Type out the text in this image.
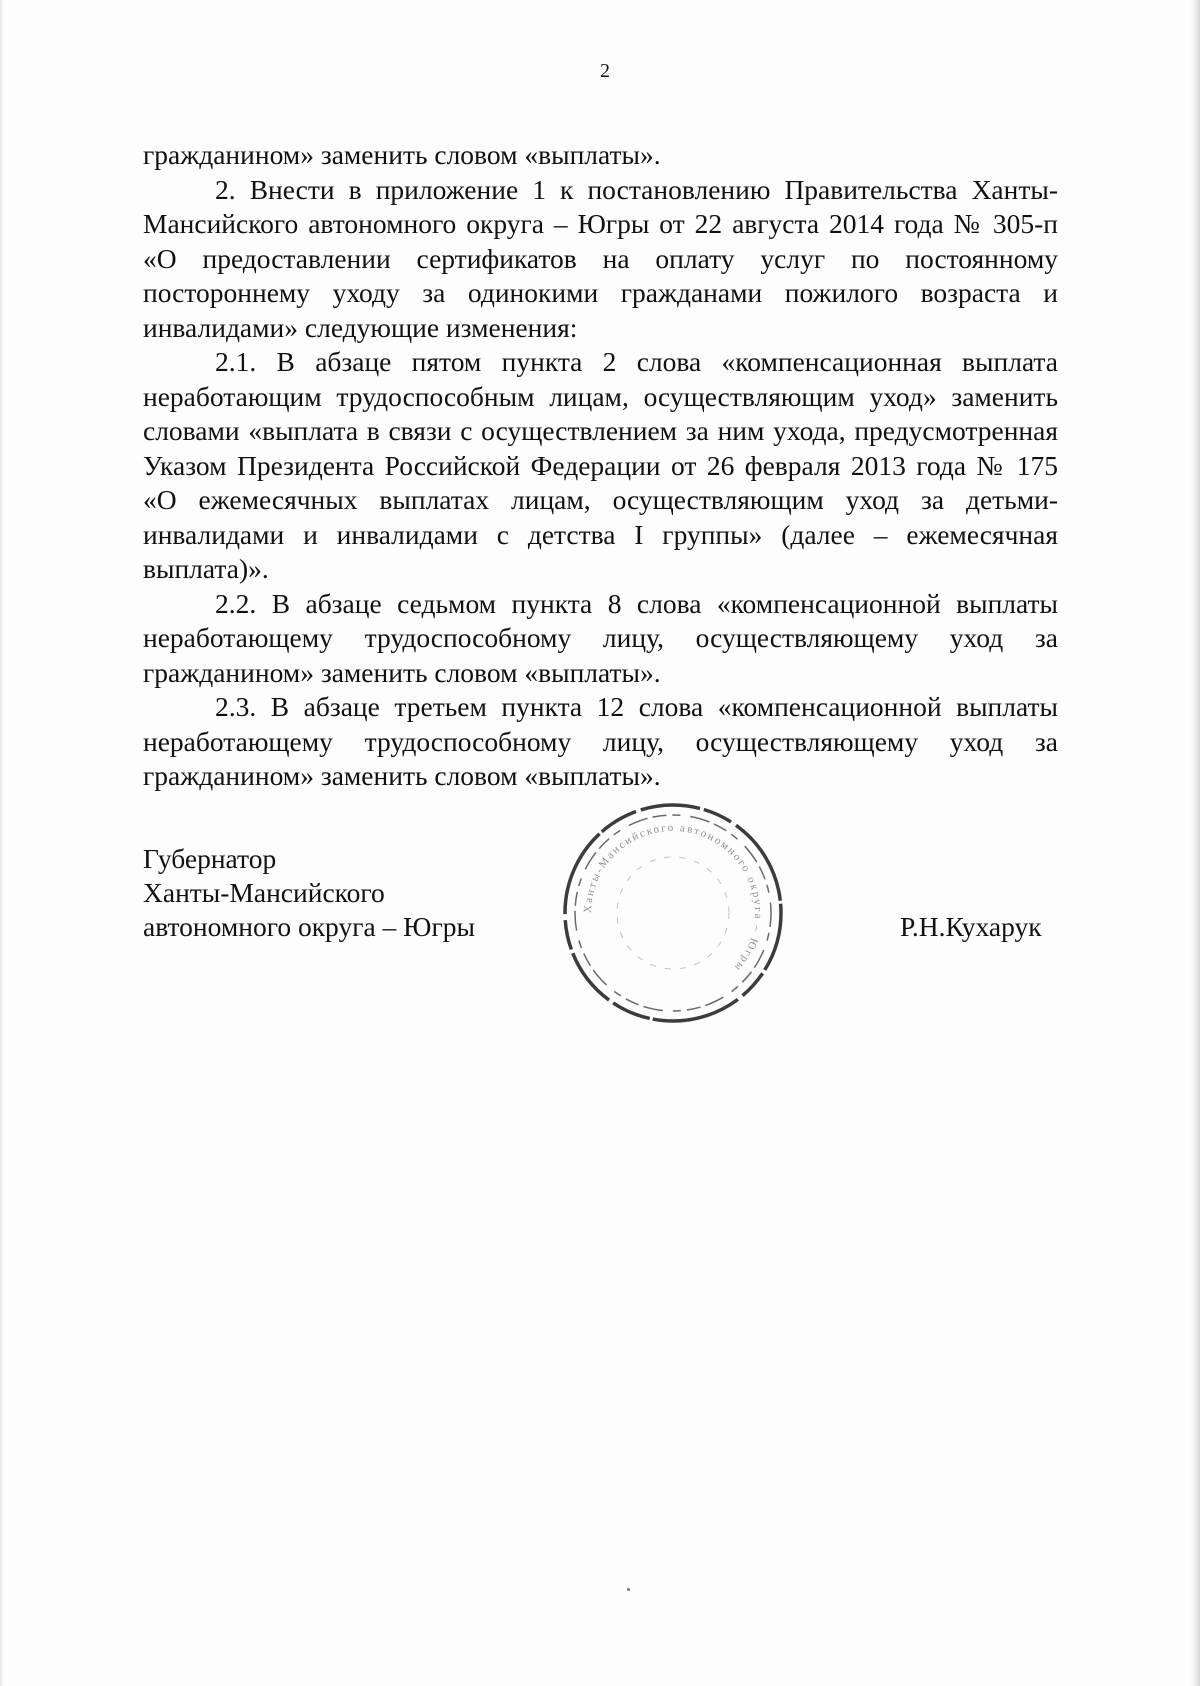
2

гражданином» заменить словом «выплаты».

2. Внести в приложение 1 к постановлению Правительства Ханты-Мансийского автономного округа – Югры от 22 августа 2014 года № 305-п «О предоставлении сертификатов на оплату услуг по постоянному постороннему уходу за одинокими гражданами пожилого возраста и инвалидами» следующие изменения:

2.1. В абзаце пятом пункта 2 слова «компенсационная выплата неработающим трудоспособным лицам, осуществляющим уход» заменить словами «выплата в связи с осуществлением за ним ухода, предусмотренная Указом Президента Российской Федерации от 26 февраля 2013 года № 175 «О ежемесячных выплатах лицам, осуществляющим уход за детьми-инвалидами и инвалидами с детства I группы» (далее – ежемесячная выплата)».

2.2. В абзаце седьмом пункта 8 слова «компенсационной выплаты неработающему трудоспособному лицу, осуществляющему уход за гражданином» заменить словом «выплаты».

2.3. В абзаце третьем пункта 12 слова «компенсационной выплаты неработающему трудоспособному лицу, осуществляющему уход за гражданином» заменить словом «выплаты».

Губернатор
Ханты-Мансийского
автономного округа – Югры
Ханты-Мансийского автономного округа – Югры
Р.Н.Кухарук
